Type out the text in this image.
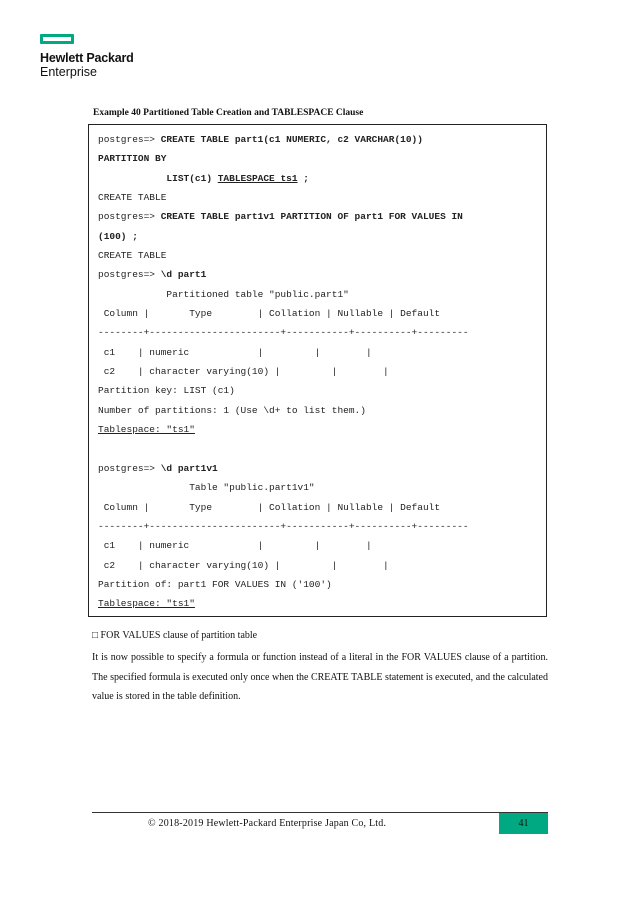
Hewlett Packard
Enterprise
Example 40 Partitioned Table Creation and TABLESPACE Clause
postgres=> CREATE TABLE part1(c1 NUMERIC, c2 VARCHAR(10))
PARTITION BY
LIST(c1) TABLESPACE ts1 ;
CREATE TABLE
postgres=> CREATE TABLE part1v1 PARTITION OF part1 FOR VALUES IN
(100) ;
CREATE TABLE
postgres=> \d part1
Partitioned table "public.part1"
Column |       Type        | Collation | Nullable | Default
--------+-----------------------+-----------+----------+---------
c1    | numeric            |         |        |
c2    | character varying(10) |         |        |
Partition key: LIST (c1)
Number of partitions: 1 (Use \d+ to list them.)
Tablespace: "ts1"
postgres=> \d part1v1
Table "public.part1v1"
Column |       Type        | Collation | Nullable | Default
--------+-----------------------+-----------+----------+---------
c1    | numeric            |         |        |
c2    | character varying(10) |         |        |
Partition of: part1 FOR VALUES IN ('100')
Tablespace: "ts1"
□ FOR VALUES clause of partition table
It is now possible to specify a formula or function instead of a literal in the FOR VALUES clause of a partition. The specified formula is executed only once when the CREATE TABLE statement is executed, and the calculated value is stored in the table definition.
© 2018-2019 Hewlett-Packard Enterprise Japan Co, Ltd.	41
